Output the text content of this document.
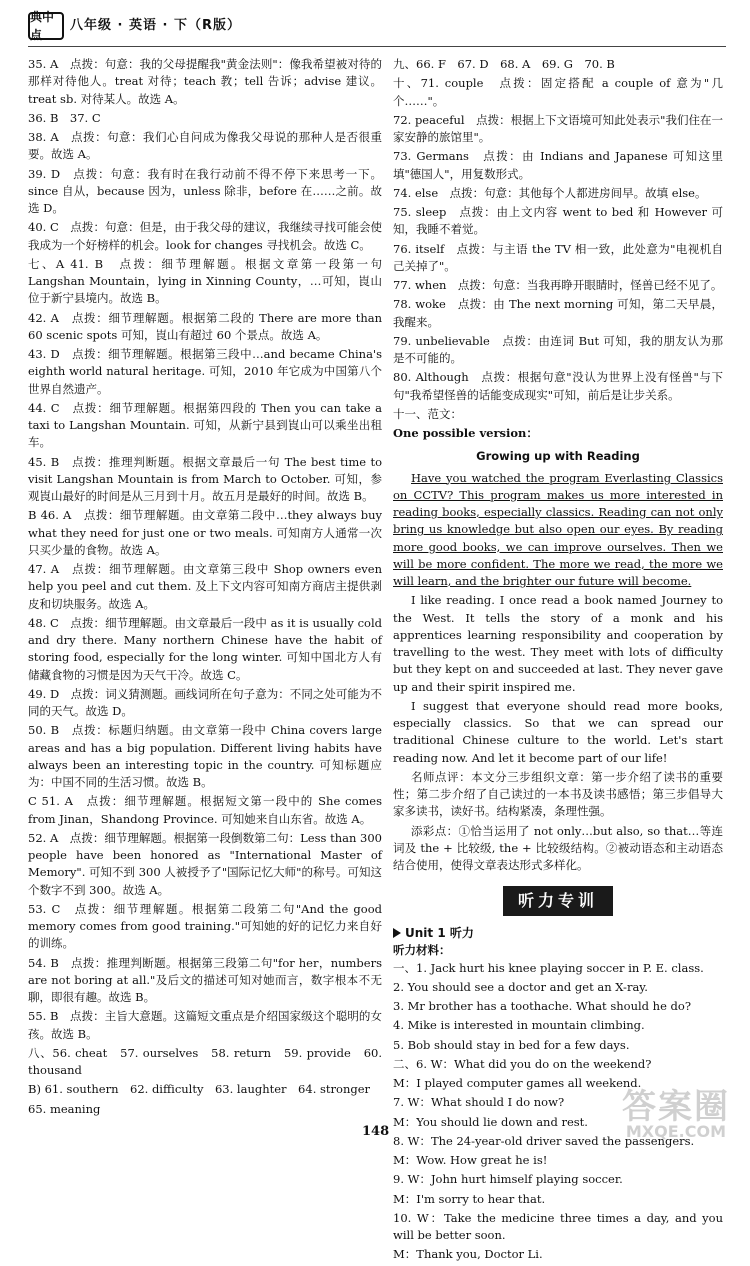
典中点
八年级 · 英语 · 下（R版）

35. A　点拨：句意：我的父母提醒我"黄金法则"：像我希望被对待的那样对待他人。treat 对待；teach 教；tell 告诉；advise 建议。treat sb. 对待某人。故选 A。

36. B　37. C

38. A　点拨：句意：我们心自问成为像我父母说的那种人是否很重要。故选 A。

39. D　点拨：句意：我有时在我行动前不得不停下来思考一下。since 自从，because 因为，unless 除非，before 在……之前。故选 D。

40. C　点拨：句意：但是，由于我父母的建议，我继续寻找可能会使我成为一个好榜样的机会。look for changes 寻找机会。故选 C。

七、A 41. B　点拨：细节理解题。根据文章第一段第一句 Langshan Mountain，lying in Xinning County，…可知，崀山位于新宁县境内。故选 B。

42. A　点拨：细节理解题。根据第二段的 There are more than 60 scenic spots 可知，崀山有超过 60 个景点。故选 A。

43. D　点拨：细节理解题。根据第三段中…and became China's eighth world natural heritage. 可知，2010 年它成为中国第八个世界自然遗产。

44. C　点拨：细节理解题。根据第四段的 Then you can take a taxi to Langshan Mountain. 可知，从新宁县到崀山可以乘坐出租车。

45. B　点拨：推理判断题。根据文章最后一句 The best time to visit Langshan Mountain is from March to October. 可知，参观崀山最好的时间是从三月到十月。故五月是最好的时间。故选 B。

B 46. A　点拨：细节理解题。由文章第二段中…they always buy what they need for just one or two meals. 可知南方人通常一次只买少量的食物。故选 A。

47. A　点拨：细节理解题。由文章第三段中 Shop owners even help you peel and cut them. 及上下文内容可知南方商店主提供剥皮和切块服务。故选 A。

48. C　点拨：细节理解题。由文章最后一段中 as it is usually cold and dry there. Many northern Chinese have the habit of storing food, especially for the long winter. 可知中国北方人有储藏食物的习惯是因为天气干冷。故选 C。

49. D　点拨：词义猜测题。画线词所在句子意为：不同之处可能为不同的天气。故选 D。

50. B　点拨：标题归纳题。由文章第一段中 China covers large areas and has a big population. Different living habits have always been an interesting topic in the country. 可知标题应为：中国不同的生活习惯。故选 B。

C 51. A　点拨：细节理解题。根据短文第一段中的 She comes from Jinan，Shandong Province. 可知她来自山东省。故选 A。

52. A　点拨：细节理解题。根据第一段倒数第二句：Less than 300 people have been honored as "International Master of Memory". 可知不到 300 人被授予了"国际记忆大师"的称号。可知这个数字不到 300。故选 A。

53. C　点拨：细节理解题。根据第二段第二句"And the good memory comes from good training."可知她的好的记忆力来自好的训练。

54. B　点拨：推理判断题。根据第三段第二句"for her，numbers are not boring at all."及后文的描述可知对她而言，数字根本不无聊，即很有趣。故选 B。

55. B　点拨：主旨大意题。这篇短文重点是介绍国家级这个聪明的女孩。故选 B。

八、56. cheat　57. ourselves　58. return　59. provide　60. thousand

B) 61. southern　62. difficulty　63. laughter　64. stronger

65. meaning

九、66. F　67. D　68. A　69. G　70. B

十、71. couple　点拨：固定搭配 a couple of 意为"几个……"。

72. peaceful　点拨：根据上下文语境可知此处表示"我们住在一家安静的旅馆里"。

73. Germans　点拨：由 Indians and Japanese 可知这里填"德国人"，用复数形式。

74. else　点拨：句意：其他每个人都进房间早。故填 else。

75. sleep　点拨：由上文内容 went to bed 和 However 可知，我睡不着觉。

76. itself　点拨：与主语 the TV 相一致，此处意为"电视机自己关掉了"。

77. when　点拨：句意：当我再睁开眼睛时，怪兽已经不见了。

78. woke　点拨：由 The next morning 可知，第二天早晨，我醒来。

79. unbelievable　点拨：由连词 But 可知，我的朋友认为那是不可能的。

80. Although　点拨：根据句意"没认为世界上没有怪兽"与下句"我希望怪兽的话能变成现实"可知，前后是让步关系。

十一、范文：

One possible version：

Growing up with Reading

Have you watched the program Everlasting Classics on CCTV? This program makes us more interested in reading books, especially classics. Reading can not only bring us knowledge but also open our eyes. By reading more good books, we can improve ourselves. Then we will be more confident. The more we read, the more we will learn, and the brighter our future will become.

I like reading. I once read a book named Journey to the West. It tells the story of a monk and his apprentices learning responsibility and cooperation by travelling to the west. They meet with lots of difficulty but they kept on and succeeded at last. They never gave up and their spirit inspired me.

I suggest that everyone should read more books, especially classics. So that we can spread our traditional Chinese culture to the world. Let's start reading now. And let it become part of our life!

名师点评：本文分三步组织文章：第一步介绍了读书的重要性；第二步介绍了自己读过的一本书及读书感悟；第三步倡导大家多读书，读好书。结构紧凑，条理性强。

添彩点：①恰当运用了 not only…but also, so that…等连词及 the + 比较级, the + 比较级结构。②被动语态和主动语态结合使用，使得文章表达形式多样化。

听力专训
Unit 1 听力

听力材料：

一、1. Jack hurt his knee playing soccer in P. E. class.

2. You should see a doctor and get an X-ray.

3. Mr brother has a toothache. What should he do?

4. Mike is interested in mountain climbing.

5. Bob should stay in bed for a few days.

二、6. W：What did you do on the weekend?

M：I played computer games all weekend.

7. W：What should I do now?

M：You should lie down and rest.

8. W：The 24-year-old driver saved the passengers.

M：Wow. How great he is!

9. W：John hurt himself playing soccer.

M：I'm sorry to hear that.

10. W：Take the medicine three times a day, and you will be better soon.

M：Thank you, Doctor Li.

148
答案圈
MXQE.COM
